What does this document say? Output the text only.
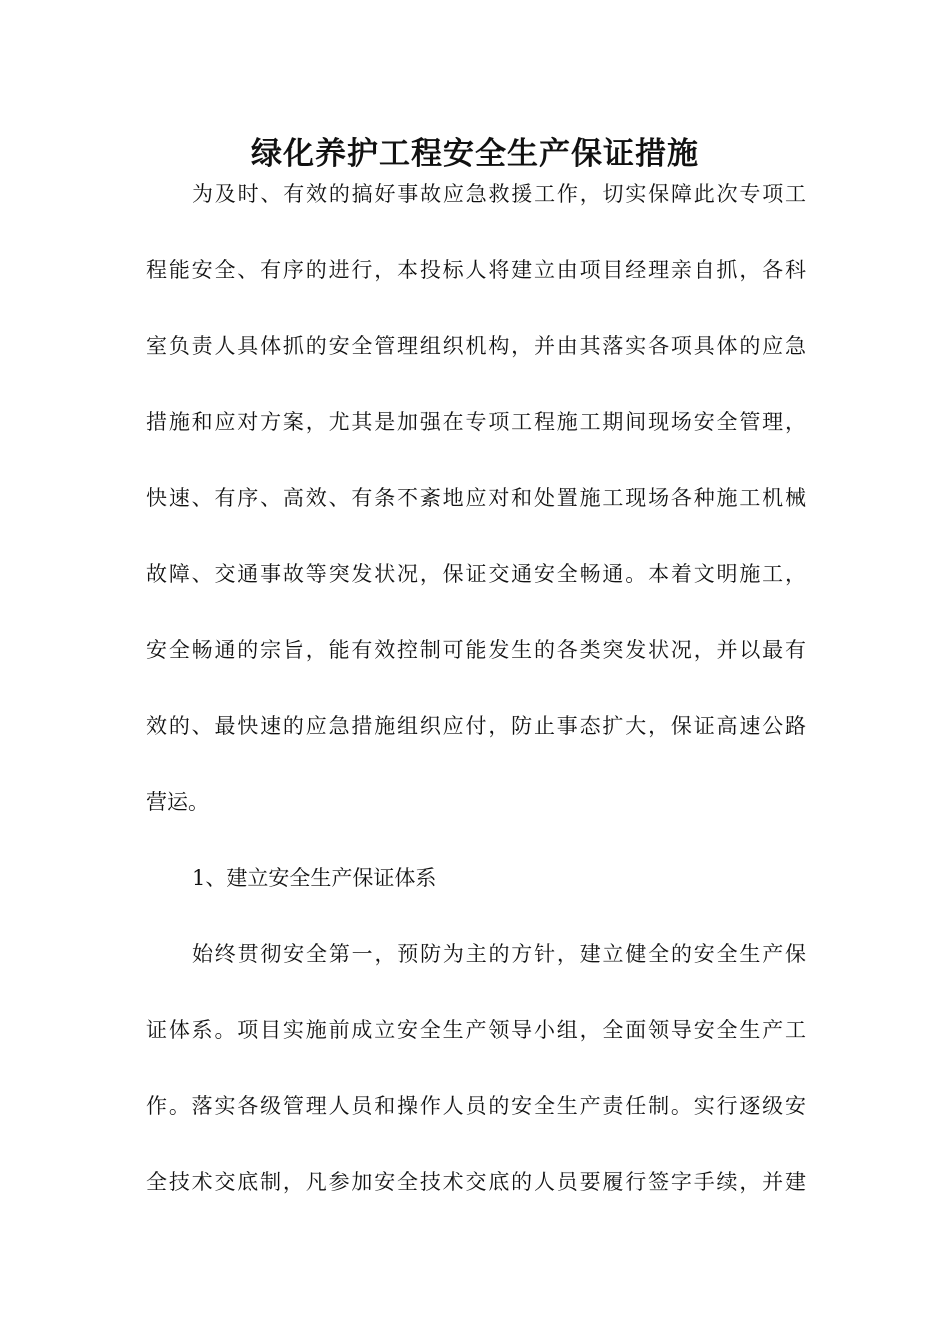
绿化养护工程安全生产保证措施

为及时、有效的搞好事故应急救援工作，切实保障此次专项工

程能安全、有序的进行，本投标人将建立由项目经理亲自抓，各科

室负责人具体抓的安全管理组织机构，并由其落实各项具体的应急

措施和应对方案，尤其是加强在专项工程施工期间现场安全管理，

快速、有序、高效、有条不紊地应对和处置施工现场各种施工机械

故障、交通事故等突发状况，保证交通安全畅通。本着文明施工，

安全畅通的宗旨，能有效控制可能发生的各类突发状况，并以最有

效的、最快速的应急措施组织应付，防止事态扩大，保证高速公路

营运。

1、建立安全生产保证体系

始终贯彻安全第一，预防为主的方针，建立健全的安全生产保

证体系。项目实施前成立安全生产领导小组，全面领导安全生产工

作。落实各级管理人员和操作人员的安全生产责任制。实行逐级安

全技术交底制，凡参加安全技术交底的人员要履行签字手续，并建
